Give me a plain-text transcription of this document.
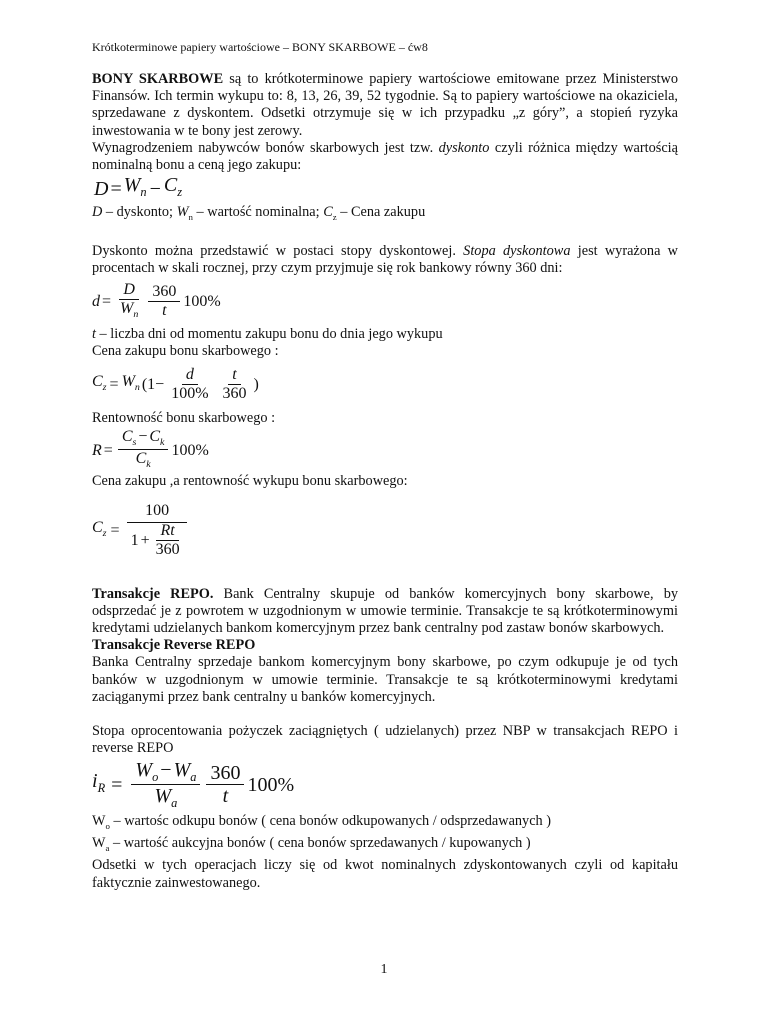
Krótkoterminowe papiery wartościowe – BONY SKARBOWE – ćw8

BONY SKARBOWE są to krótkoterminowe papiery wartościowe emitowane przez Ministerstwo Finansów. Ich termin wykupu to: 8, 13, 26, 39, 52 tygodnie. Są to papiery wartościowe na okaziciela, sprzedawane z dyskontem. Odsetki otrzymuje się w ich przypadku „z góry”, a stopień ryzyka inwestowania w te bony jest zerowy.

Wynagrodzeniem nabywców bonów skarbowych jest tzw. dyskonto czyli różnica między wartością nominalną bonu a ceną jego zakupu:

$D = W_n - C_z$

D – dyskonto; $W_n$ – wartość nominalna; $C_z$ – Cena zakupu

Dyskonto można przedstawić w postaci stopy dyskontowej. Stopa dyskontowa jest wyrażona w procentach w skali rocznej, przy czym przyjmuje się rok bankowy równy 360 dni:

$d = \frac{D}{W_n} \frac{360}{t} 100\%$

t – liczba dni od momentu zakupu bonu do dnia jego wykupu

Cena zakupu bonu skarbowego :

$C_z = W_n$ ($1 - \frac{d}{100\%} \frac{t}{360}$ )

Rentowność bonu skarbowego :

$R = \frac{C_s - C_k}{C_k} 100\%$

Cena zakupu ,a rentowność wykupu bonu skarbowego:

$C_z = \frac{100}{1 + \frac{Rt}{360}}$

Transakcje REPO. Bank Centralny skupuje od banków komercyjnych bony skarbowe, by odsprzedać je z powrotem w uzgodnionym w umowie terminie. Transakcje te są krótkoterminowymi kredytami udzielanych bankom komercyjnym przez bank centralny pod zastaw bonów skarbowych.

Transakcje Reverse REPO

Banka Centralny sprzedaje bankom komercyjnym bony skarbowe, po czym odkupuje je od tych banków w uzgodnionym w umowie terminie. Transakcje te są krótkoterminowymi kredytami zaciąganymi przez bank centralny u banków komercyjnych.

Stopa oprocentowania pożyczek zaciągniętych ( udzielanych) przez NBP w transakcjach REPO i reverse REPO

$i_R = \frac{W_o - W_a}{W_a} \frac{360}{t} 100\%$

$W_o$ – wartośc odkupu bonów ( cena bonów odkupowanych / odsprzedawanych )

$W_a$ – wartość aukcyjna bonów ( cena bonów sprzedawanych / kupowanych )

Odsetki w tych operacjach liczy się od kwot nominalnych zdyskontowanych czyli od kapitału faktycznie zainwestowanego.

1
